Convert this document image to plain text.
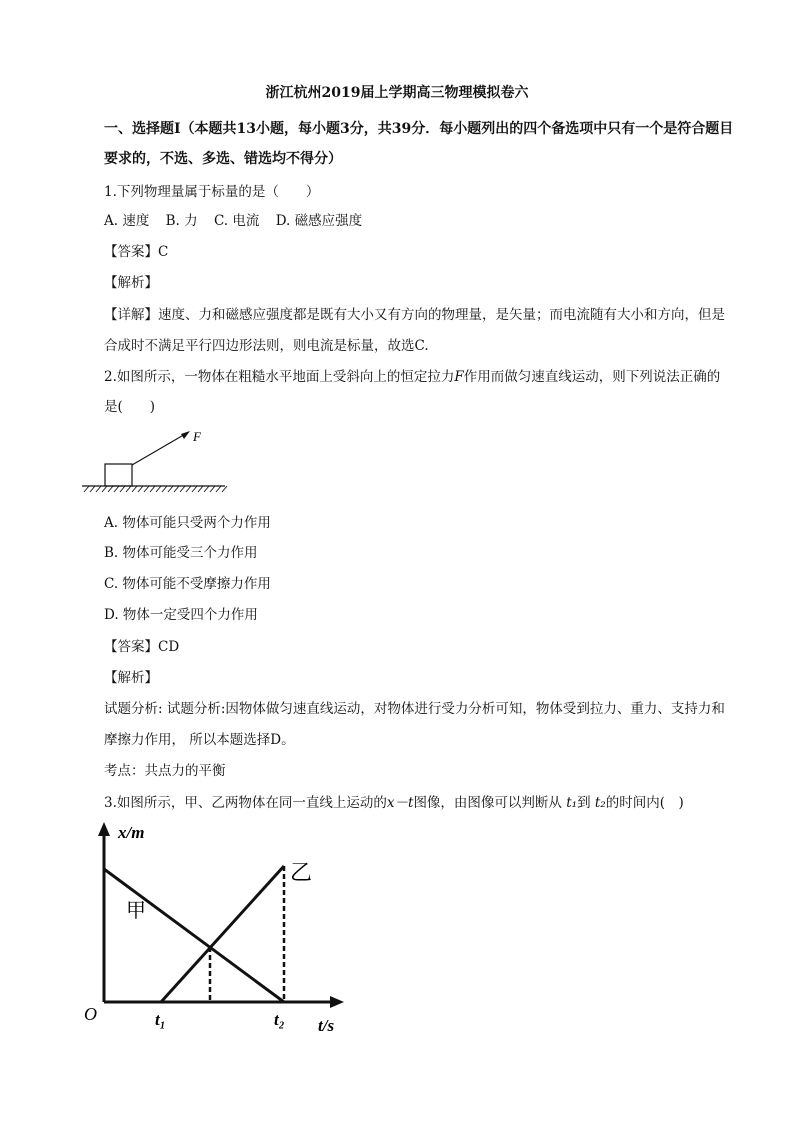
浙江杭州2019届上学期高三物理模拟卷六
一、选择题Ⅰ（本题共13小题，每小题3分，共39分．每小题列出的四个备选项中只有一个是符合题目
要求的，不选、多选、错选均不得分）
1.下列物理量属于标量的是（　　）
A. 速度 B. 力 C. 电流 D. 磁感应强度
【答案】C
【解析】
【详解】速度、力和磁感应强度都是既有大小又有方向的物理量，是矢量；而电流随有大小和方向，但是
合成时不满足平行四边形法则，则电流是标量，故选C.
2.如图所示，一物体在粗糙水平地面上受斜向上的恒定拉力F作用而做匀速直线运动，则下列说法正确的
是(　　)
F
A. 物体可能只受两个力作用
B. 物体可能受三个力作用
C. 物体可能不受摩擦力作用
D. 物体一定受四个力作用
【答案】CD
【解析】
试题分析: 试题分析:因物体做匀速直线运动，对物体进行受力分析可知，物体受到拉力、重力、支持力和
摩擦力作用， 所以本题选择D。
考点：共点力的平衡
3.如图所示，甲、乙两物体在同一直线上运动的x－t图像，由图像可以判断从 t₁到 t₂的时间内(　)
x/m
t/s
O	t₁	t₂
甲
乙
